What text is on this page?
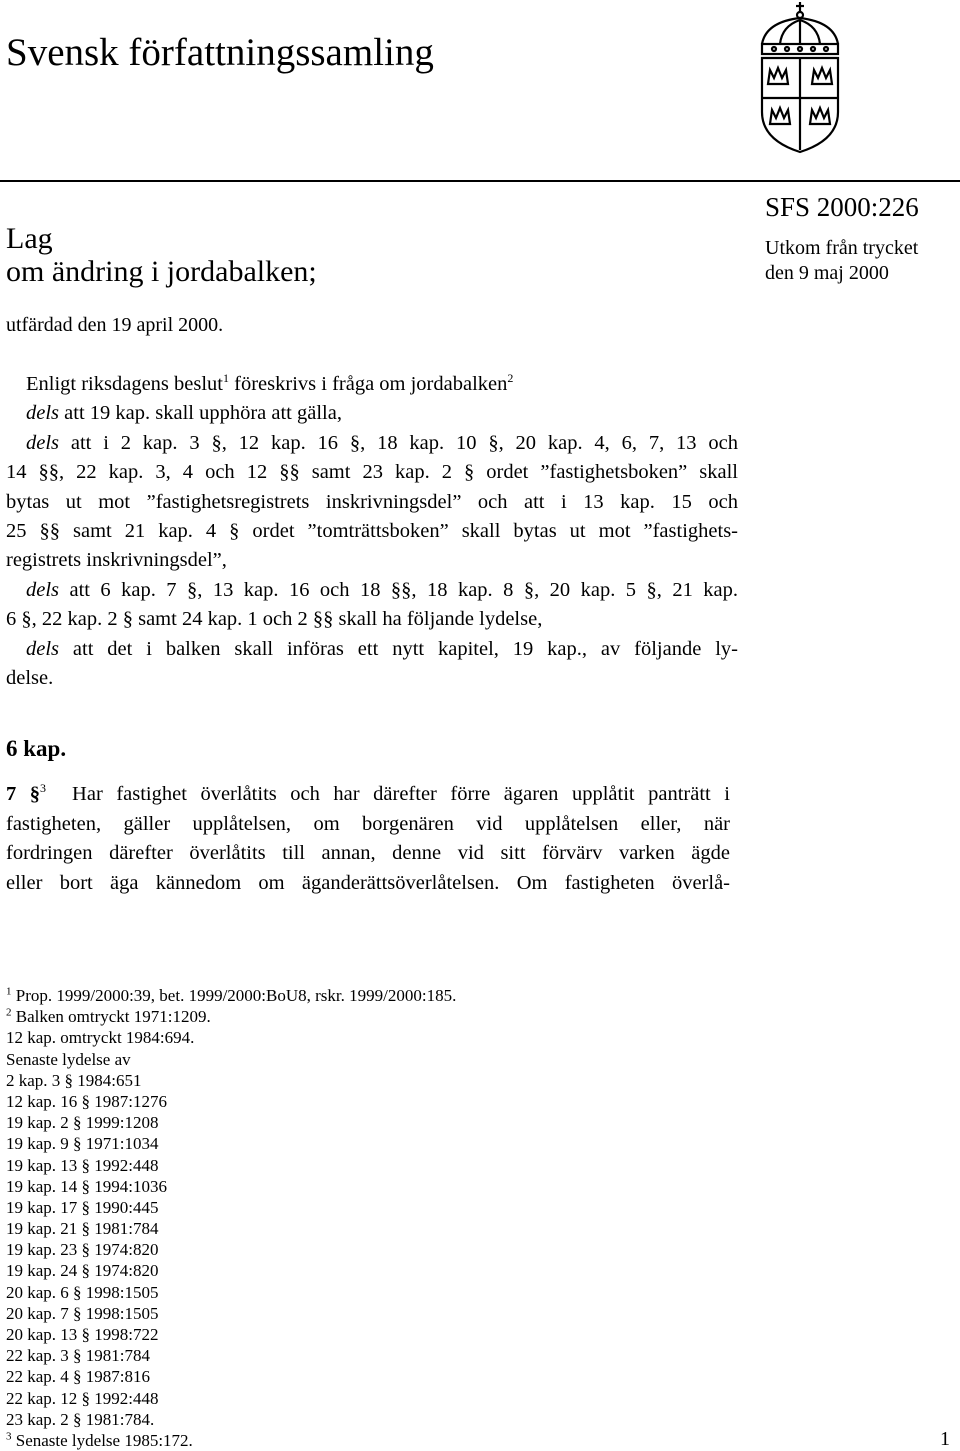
Svensk författningssamling
SFS 2000:226
Utkom från trycket
den 9 maj 2000
Lag
om ändring i jordabalken;
utfärdad den 19 april 2000.
Enligt riksdagens beslut$^1$ föreskrivs i fråga om jordabalken$^2$
dels att 19 kap. skall upphöra att gälla,
dels att i 2 kap. 3 §, 12 kap. 16 §, 18 kap. 10 §, 20 kap. 4, 6, 7, 13 och
14 §§, 22 kap. 3, 4 och 12 §§ samt 23 kap. 2 § ordet ”fastighetsboken” skall
bytas ut mot ”fastighetsregistrets inskrivningsdel” och att i 13 kap. 15 och
25 §§ samt 21 kap. 4 § ordet ”tomträttsboken” skall bytas ut mot ”fastighets-
registrets inskrivningsdel”,
dels att 6 kap. 7 §, 13 kap. 16 och 18 §§, 18 kap. 8 §, 20 kap. 5 §, 21 kap.
6 §, 22 kap. 2 § samt 24 kap. 1 och 2 §§ skall ha följande lydelse,
dels att det i balken skall införas ett nytt kapitel, 19 kap., av följande ly-
delse.
6 kap.
7 §$^3$ Har fastighet överlåtits och har därefter förre ägaren upplåtit panträtt i
fastigheten, gäller upplåtelsen, om borgenären vid upplåtelsen eller, när
fordringen därefter överlåtits till annan, denne vid sitt förvärv varken ägde
eller bort äga kännedom om äganderättsöverlåtelsen. Om fastigheten överlå-
$^1$ Prop. 1999/2000:39, bet. 1999/2000:BoU8, rskr. 1999/2000:185.
$^2$ Balken omtryckt 1971:1209.
12 kap. omtryckt 1984:694.
Senaste lydelse av
2 kap. 3 § 1984:651
12 kap. 16 § 1987:1276
19 kap. 2 § 1999:1208
19 kap. 9 § 1971:1034
19 kap. 13 § 1992:448
19 kap. 14 § 1994:1036
19 kap. 17 § 1990:445
19 kap. 21 § 1981:784
19 kap. 23 § 1974:820
19 kap. 24 § 1974:820
20 kap. 6 § 1998:1505
20 kap. 7 § 1998:1505
20 kap. 13 § 1998:722
22 kap. 3 § 1981:784
22 kap. 4 § 1987:816
22 kap. 12 § 1992:448
23 kap. 2 § 1981:784.
$^3$ Senaste lydelse 1985:172.	1
